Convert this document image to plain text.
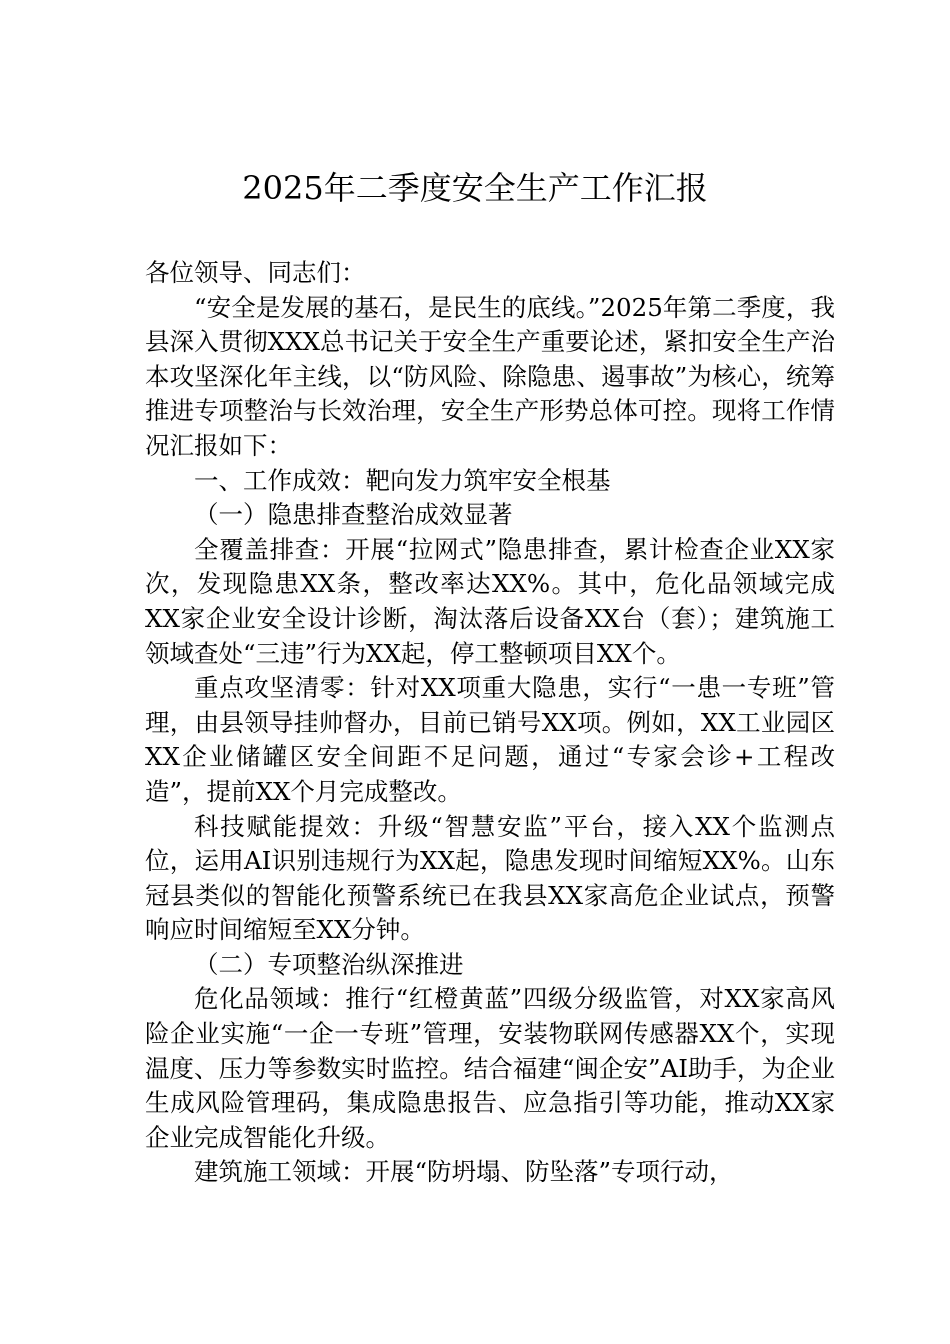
2025年二季度安全生产工作汇报

各位领导、同志们：

“安全是发展的基石，是民生的底线。”2025年第二季度，我县深入贯彻XXX总书记关于安全生产重要论述，紧扣安全生产治本攻坚深化年主线，以“防风险、除隐患、遏事故”为核心，统筹推进专项整治与长效治理，安全生产形势总体可控。现将工作情况汇报如下：

一、工作成效：靶向发力筑牢安全根基

（一）隐患排查整治成效显著

全覆盖排查：开展“拉网式”隐患排查，累计检查企业XX家次，发现隐患XX条，整改率达XX%。其中，危化品领域完成XX家企业安全设计诊断，淘汰落后设备XX台（套）；建筑施工领域查处“三违”行为XX起，停工整顿项目XX个。

重点攻坚清零：针对XX项重大隐患，实行“一患一专班”管理，由县领导挂帅督办，目前已销号XX项。例如，XX工业园区XX企业储罐区安全间距不足问题，通过“专家会诊+工程改造”，提前XX个月完成整改。

科技赋能提效：升级“智慧安监”平台，接入XX个监测点位，运用AI识别违规行为XX起，隐患发现时间缩短XX%。山东冠县类似的智能化预警系统已在我县XX家高危企业试点，预警响应时间缩短至XX分钟。

（二）专项整治纵深推进

危化品领域：推行“红橙黄蓝”四级分级监管，对XX家高风险企业实施“一企一专班”管理，安装物联网传感器XX个，实现温度、压力等参数实时监控。结合福建“闽企安”AI助手，为企业生成风险管理码，集成隐患报告、应急指引等功能，推动XX家企业完成智能化升级。

建筑施工领域：开展“防坍塌、防坠落”专项行动，
